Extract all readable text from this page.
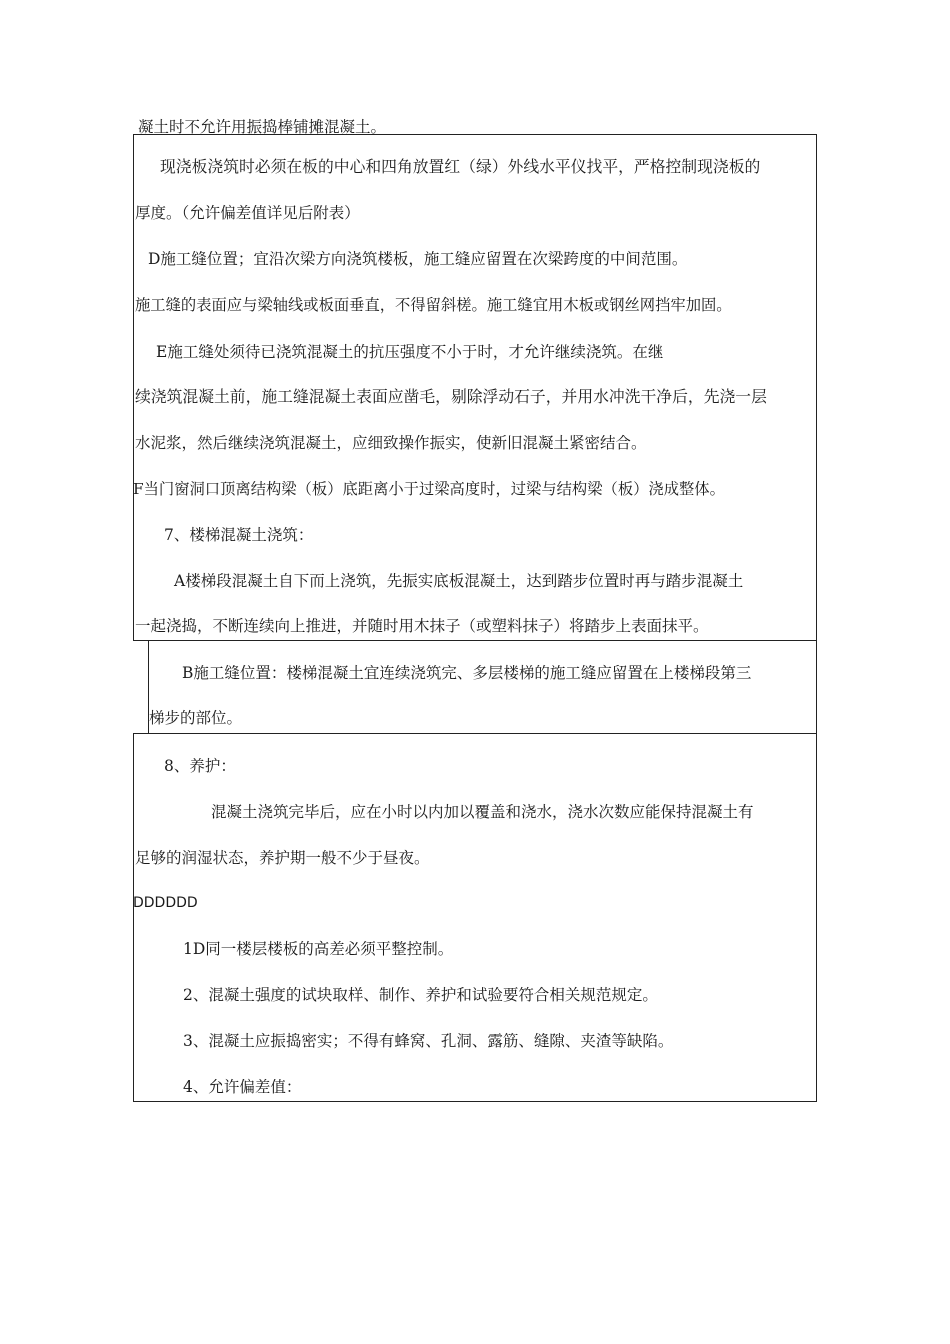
凝土时不允许用振捣棒铺摊混凝土。
现浇板浇筑时必须在板的中心和四角放置红（绿）外线水平仪找平，严格控制现浇板的
厚度。（允许偏差值详见后附表）
D施工缝位置；宜沿次梁方向浇筑楼板，施工缝应留置在次梁跨度的中间范围。
施工缝的表面应与梁轴线或板面垂直，不得留斜槎。施工缝宜用木板或钢丝网挡牢加固。
E施工缝处须待已浇筑混凝土的抗压强度不小于时，才允许继续浇筑。在继
续浇筑混凝土前，施工缝混凝土表面应凿毛，剔除浮动石子，并用水冲洗干净后，先浇一层
水泥浆，然后继续浇筑混凝土，应细致操作振实，使新旧混凝土紧密结合。
F当门窗洞口顶离结构梁（板）底距离小于过梁高度时，过梁与结构梁（板）浇成整体。
7、楼梯混凝土浇筑：
A楼梯段混凝土自下而上浇筑，先振实底板混凝土，达到踏步位置时再与踏步混凝土
一起浇捣，不断连续向上推进，并随时用木抹子（或塑料抹子）将踏步上表面抹平。
B施工缝位置：楼梯混凝土宜连续浇筑完、多层楼梯的施工缝应留置在上楼梯段第三
梯步的部位。
8、养护：
混凝土浇筑完毕后，应在小时以内加以覆盖和浇水，浇水次数应能保持混凝土有
足够的润湿状态，养护期一般不少于昼夜。
DDDDDD
1D同一楼层楼板的高差必须平整控制。
2、混凝土强度的试块取样、制作、养护和试验要符合相关规范规定。
3、混凝土应振捣密实；不得有蜂窝、孔洞、露筋、缝隙、夹渣等缺陷。
4、允许偏差值：
